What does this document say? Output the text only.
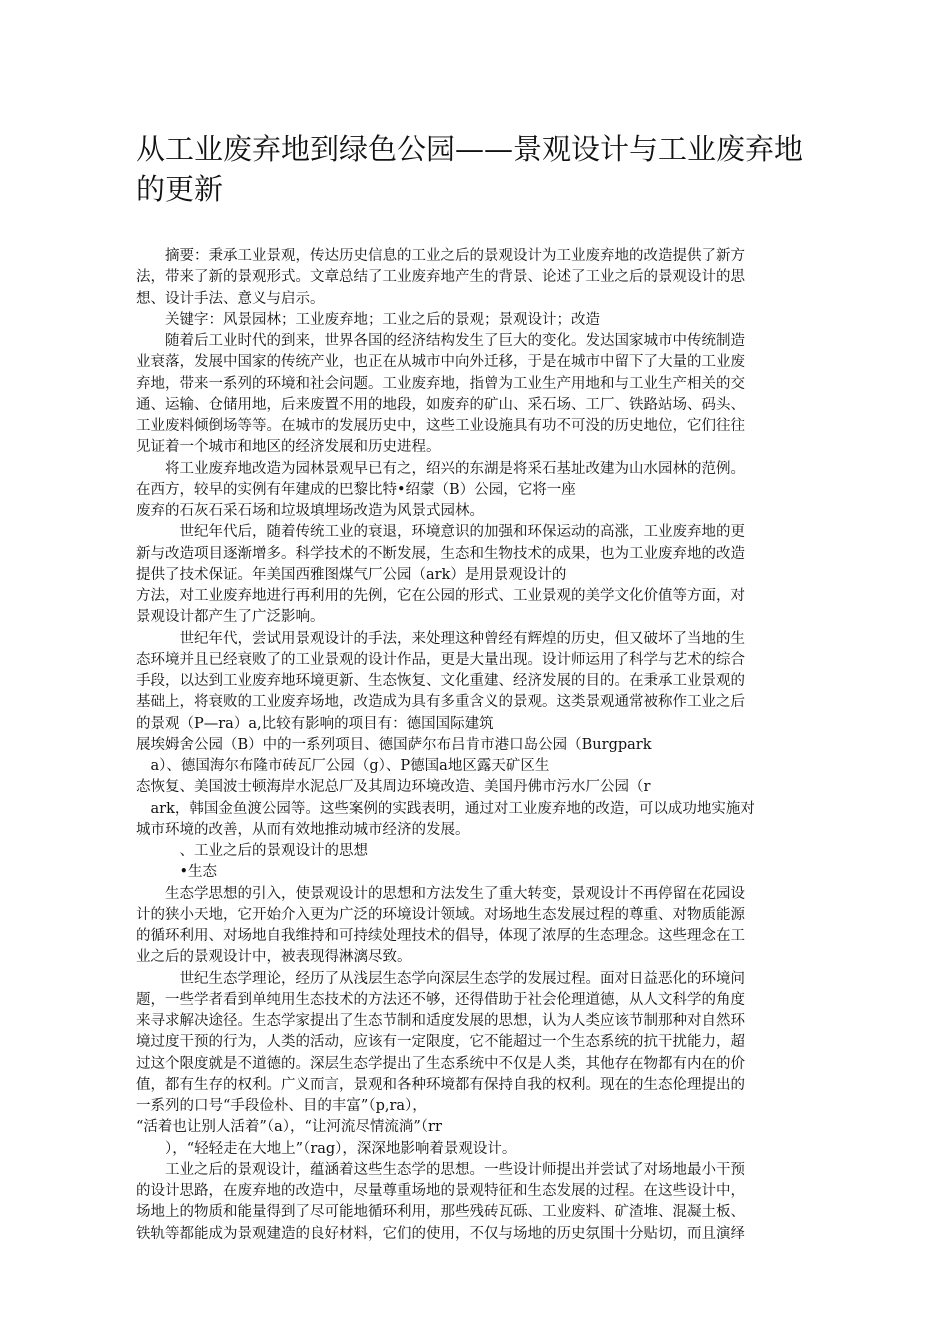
从工业废弃地到绿色公园——景观设计与工业废弃地
的更新
　　摘要：秉承工业景观，传达历史信息的工业之后的景观设计为工业废弃地的改造提供了新方
法，带来了新的景观形式。文章总结了工业废弃地产生的背景、论述了工业之后的景观设计的思
想、设计手法、意义与启示。
　　关键字：风景园林；工业废弃地；工业之后的景观；景观设计；改造
　　随着后工业时代的到来，世界各国的经济结构发生了巨大的变化。发达国家城市中传统制造
业衰落，发展中国家的传统产业，也正在从城市中向外迁移，于是在城市中留下了大量的工业废
弃地，带来一系列的环境和社会问题。工业废弃地，指曾为工业生产用地和与工业生产相关的交
通、运输、仓储用地，后来废置不用的地段，如废弃的矿山、采石场、工厂、铁路站场、码头、
工业废料倾倒场等等。在城市的发展历史中，这些工业设施具有功不可没的历史地位，它们往往
见证着一个城市和地区的经济发展和历史进程。
　　将工业废弃地改造为园林景观早已有之，绍兴的东湖是将采石基址改建为山水园林的范例。
在西方，较早的实例有年建成的巴黎比特•绍蒙（B）公园，它将一座
废弃的石灰石采石场和垃圾填埋场改造为风景式园林。
　　　世纪年代后，随着传统工业的衰退，环境意识的加强和环保运动的高涨，工业废弃地的更
新与改造项目逐渐增多。科学技术的不断发展，生态和生物技术的成果，也为工业废弃地的改造
提供了技术保证。年美国西雅图煤气厂公园（ark）是用景观设计的
方法，对工业废弃地进行再利用的先例，它在公园的形式、工业景观的美学文化价值等方面，对
景观设计都产生了广泛影响。
　　　世纪年代，尝试用景观设计的手法，来处理这种曾经有辉煌的历史，但又破坏了当地的生
态环境并且已经衰败了的工业景观的设计作品，更是大量出现。设计师运用了科学与艺术的综合
手段，以达到工业废弃地环境更新、生态恢复、文化重建、经济发展的目的。在秉承工业景观的
基础上，将衰败的工业废弃场地，改造成为具有多重含义的景观。这类景观通常被称作工业之后
的景观（P—ra）a,比较有影响的项目有：德国国际建筑
展埃姆舍公园（B）中的一系列项目、德国萨尔布吕肯市港口岛公园（Burgpark
　a）、德国海尔布隆市砖瓦厂公园（g）、P德国a地区露天矿区生
态恢复、美国波士顿海岸水泥总厂及其周边环境改造、美国丹佛市污水厂公园（r
　ark，韩国金鱼渡公园等。这些案例的实践表明，通过对工业废弃地的改造，可以成功地实施对
城市环境的改善，从而有效地推动城市经济的发展。
　　　、工业之后的景观设计的思想
　　　•生态
　　生态学思想的引入，使景观设计的思想和方法发生了重大转变，景观设计不再停留在花园设
计的狭小天地，它开始介入更为广泛的环境设计领域。对场地生态发展过程的尊重、对物质能源
的循环利用、对场地自我维持和可持续处理技术的倡导，体现了浓厚的生态理念。这些理念在工
业之后的景观设计中，被表现得淋漓尽致。
　　　世纪生态学理论，经历了从浅层生态学向深层生态学的发展过程。面对日益恶化的环境问
题，一些学者看到单纯用生态技术的方法还不够，还得借助于社会伦理道德，从人文科学的角度
来寻求解决途径。生态学家提出了生态节制和适度发展的思想，认为人类应该节制那种对自然环
境过度干预的行为，人类的活动，应该有一定限度，它不能超过一个生态系统的抗干扰能力，超
过这个限度就是不道德的。深层生态学提出了生态系统中不仅是人类，其他存在物都有内在的价
值，都有生存的权利。广义而言，景观和各种环境都有保持自我的权利。现在的生态伦理提出的
一系列的口号“手段俭朴、目的丰富”（p,ra），
“活着也让别人活着”（a），“让河流尽情流淌”（rr
　　），“轻轻走在大地上”（rag），深深地影响着景观设计。
　　工业之后的景观设计，蕴涵着这些生态学的思想。一些设计师提出并尝试了对场地最小干预
的设计思路，在废弃地的改造中，尽量尊重场地的景观特征和生态发展的过程。在这些设计中，
场地上的物质和能量得到了尽可能地循环利用，那些残砖瓦砾、工业废料、矿渣堆、混凝土板、
铁轨等都能成为景观建造的良好材料，它们的使用，不仅与场地的历史氛围十分贴切，而且演绎
